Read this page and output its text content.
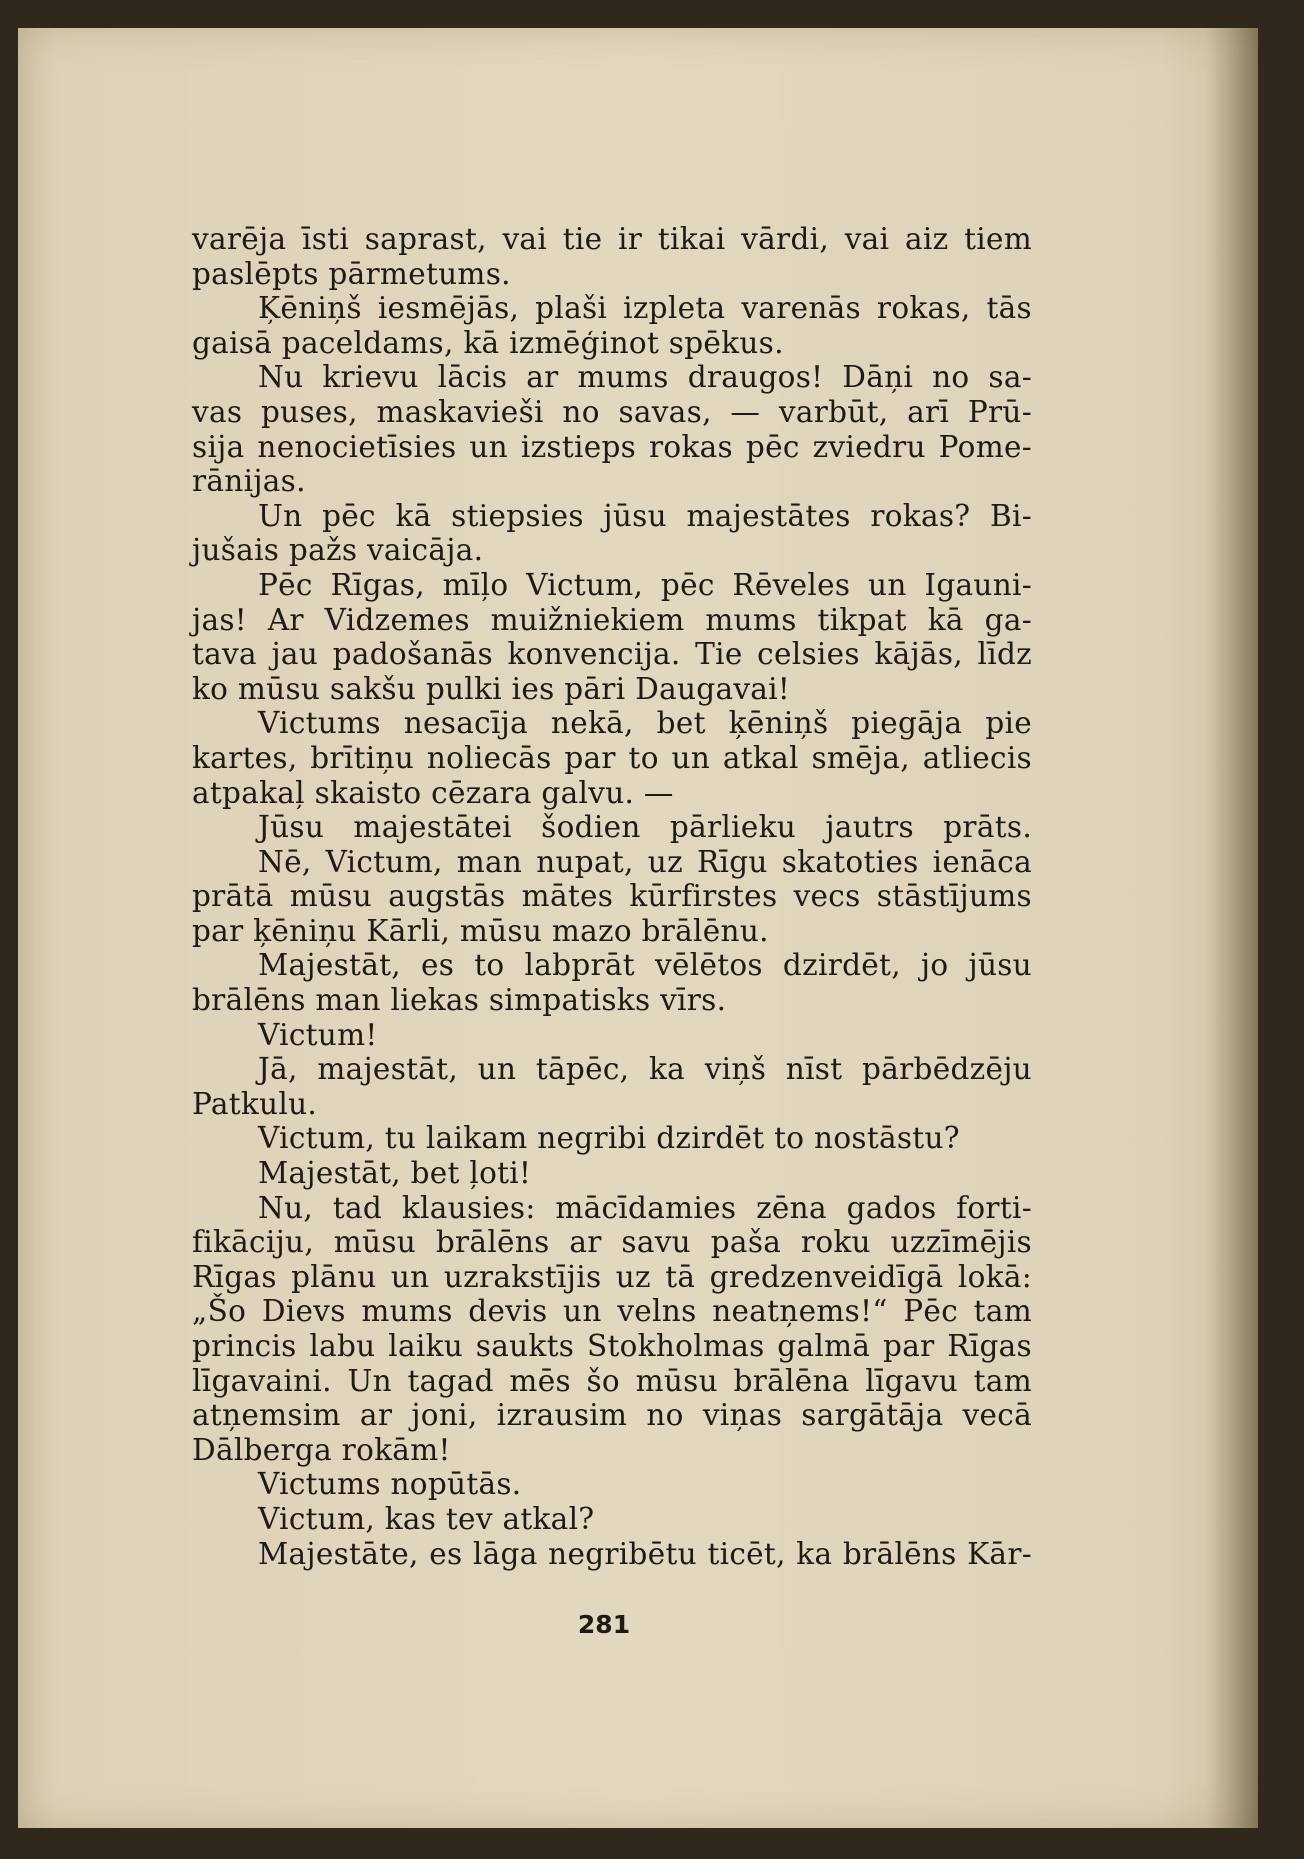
varēja īsti saprast, vai tie ir tikai vārdi, vai aiz tiem
paslēpts pārmetums.
Ķēniņš iesmējās, plaši izpleta varenās rokas, tās
gaisā paceldams, kā izmēģinot spēkus.
Nu krievu lācis ar mums draugos! Dāņi no sa-
vas puses, maskavieši no savas, — varbūt, arī Prū-
sija nenocietīsies un izstieps rokas pēc zviedru Pome-
rānijas.
Un pēc kā stiepsies jūsu majestātes rokas? Bi-
jušais pažs vaicāja.
Pēc Rīgas, mīļo Victum, pēc Rēveles un Igauni-
jas! Ar Vidzemes muižniekiem mums tikpat kā ga-
tava jau padošanās konvencija. Tie celsies kājās, līdz
ko mūsu sakšu pulki ies pāri Daugavai!
Victums nesacīja nekā, bet ķēniņš piegāja pie
kartes, brītiņu noliecās par to un atkal smēja, atliecis
atpakaļ skaisto cēzara galvu. —
Jūsu majestātei šodien pārlieku jautrs prāts.
Nē, Victum, man nupat, uz Rīgu skatoties ienāca
prātā mūsu augstās mātes kūrfirstes vecs stāstījums
par ķēniņu Kārli, mūsu mazo brālēnu.
Majestāt, es to labprāt vēlētos dzirdēt, jo jūsu
brālēns man liekas simpatisks vīrs.
Victum!
Jā, majestāt, un tāpēc, ka viņš nīst pārbēdzēju
Patkulu.
Victum, tu laikam negribi dzirdēt to nostāstu?
Majestāt, bet ļoti!
Nu, tad klausies: mācīdamies zēna gados forti-
fikāciju, mūsu brālēns ar savu paša roku uzzīmējis
Rīgas plānu un uzrakstījis uz tā gredzenveidīgā lokā:
„Šo Dievs mums devis un velns neatņems!“ Pēc tam
princis labu laiku saukts Stokholmas galmā par Rīgas
līgavaini. Un tagad mēs šo mūsu brālēna līgavu tam
atņemsim ar joni, izrausim no viņas sargātāja vecā
Dālberga rokām!
Victums nopūtās.
Victum, kas tev atkal?
Majestāte, es lāga negribētu ticēt, ka brālēns Kār-
281
